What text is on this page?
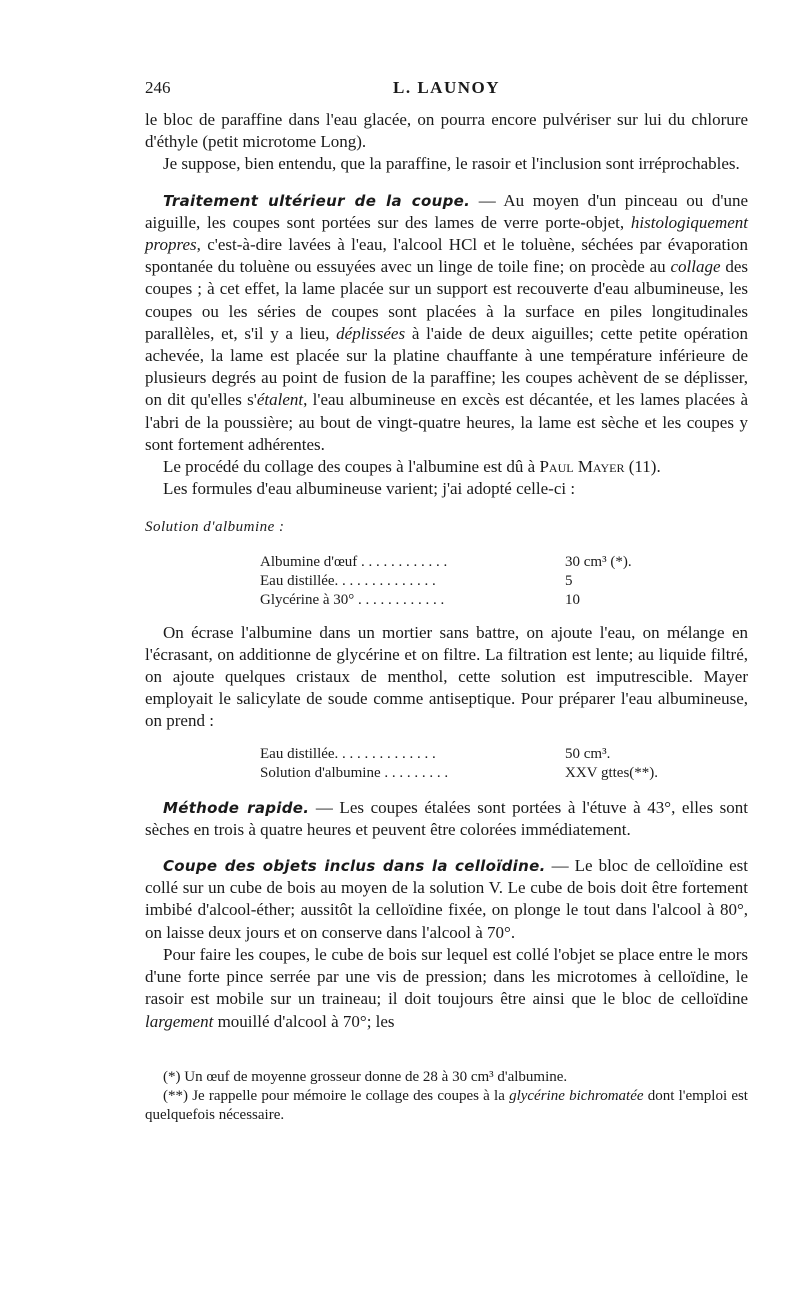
246	L. LAUNOY

le bloc de paraffine dans l'eau glacée, on pourra encore pulvériser sur lui du chlorure d'éthyle (petit microtome Long).

Je suppose, bien entendu, que la paraffine, le rasoir et l'inclusion sont irréprochables.

Traitement ultérieur de la coupe. — Au moyen d'un pinceau ou d'une aiguille, les coupes sont portées sur des lames de verre porte-objet, histologiquement propres, c'est-à-dire lavées à l'eau, l'alcool HCl et le toluène, séchées par évaporation spontanée du toluène ou essuyées avec un linge de toile fine; on procède au collage des coupes ; à cet effet, la lame placée sur un support est recouverte d'eau albumineuse, les coupes ou les séries de coupes sont placées à la surface en piles longitudinales parallèles, et, s'il y a lieu, déplissées à l'aide de deux aiguilles; cette petite opération achevée, la lame est placée sur la platine chauffante à une température inférieure de plusieurs degrés au point de fusion de la paraffine; les coupes achèvent de se déplisser, on dit qu'elles s'étalent, l'eau albumineuse en excès est décantée, et les lames placées à l'abri de la poussière; au bout de vingt-quatre heures, la lame est sèche et les coupes y sont fortement adhérentes.

Le procédé du collage des coupes à l'albumine est dû à Paul Mayer (11).

Les formules d'eau albumineuse varient; j'ai adopté celle-ci :

Solution d'albumine :

Albumine d'œuf . . . . . . . . . . . .	30 cm³ (*).
Eau distillée. . . . . . . . . . . . . .	5
Glycérine à 30° . . . . . . . . . . . .	10

On écrase l'albumine dans un mortier sans battre, on ajoute l'eau, on mélange en l'écrasant, on additionne de glycérine et on filtre. La filtration est lente; au liquide filtré, on ajoute quelques cristaux de menthol, cette solution est imputrescible. Mayer employait le salicylate de soude comme antiseptique. Pour préparer l'eau albumineuse, on prend :

Eau distillée. . . . . . . . . . . . . .	50 cm³.
Solution d'albumine . . . . . . . . .	XXV gttes(**).

Méthode rapide. — Les coupes étalées sont portées à l'étuve à 43°, elles sont sèches en trois à quatre heures et peuvent être colorées immédiatement.

Coupe des objets inclus dans la celloïdine. — Le bloc de celloïdine est collé sur un cube de bois au moyen de la solution V. Le cube de bois doit être fortement imbibé d'alcool-éther; aussitôt la celloïdine fixée, on plonge le tout dans l'alcool à 80°, on laisse deux jours et on conserve dans l'alcool à 70°.

Pour faire les coupes, le cube de bois sur lequel est collé l'objet se place entre le mors d'une forte pince serrée par une vis de pression; dans les microtomes à celloïdine, le rasoir est mobile sur un traineau; il doit toujours être ainsi que le bloc de celloïdine largement mouillé d'alcool à 70°; les

(*) Un œuf de moyenne grosseur donne de 28 à 30 cm³ d'albumine.

(**) Je rappelle pour mémoire le collage des coupes à la glycérine bichromatée dont l'emploi est quelquefois nécessaire.
